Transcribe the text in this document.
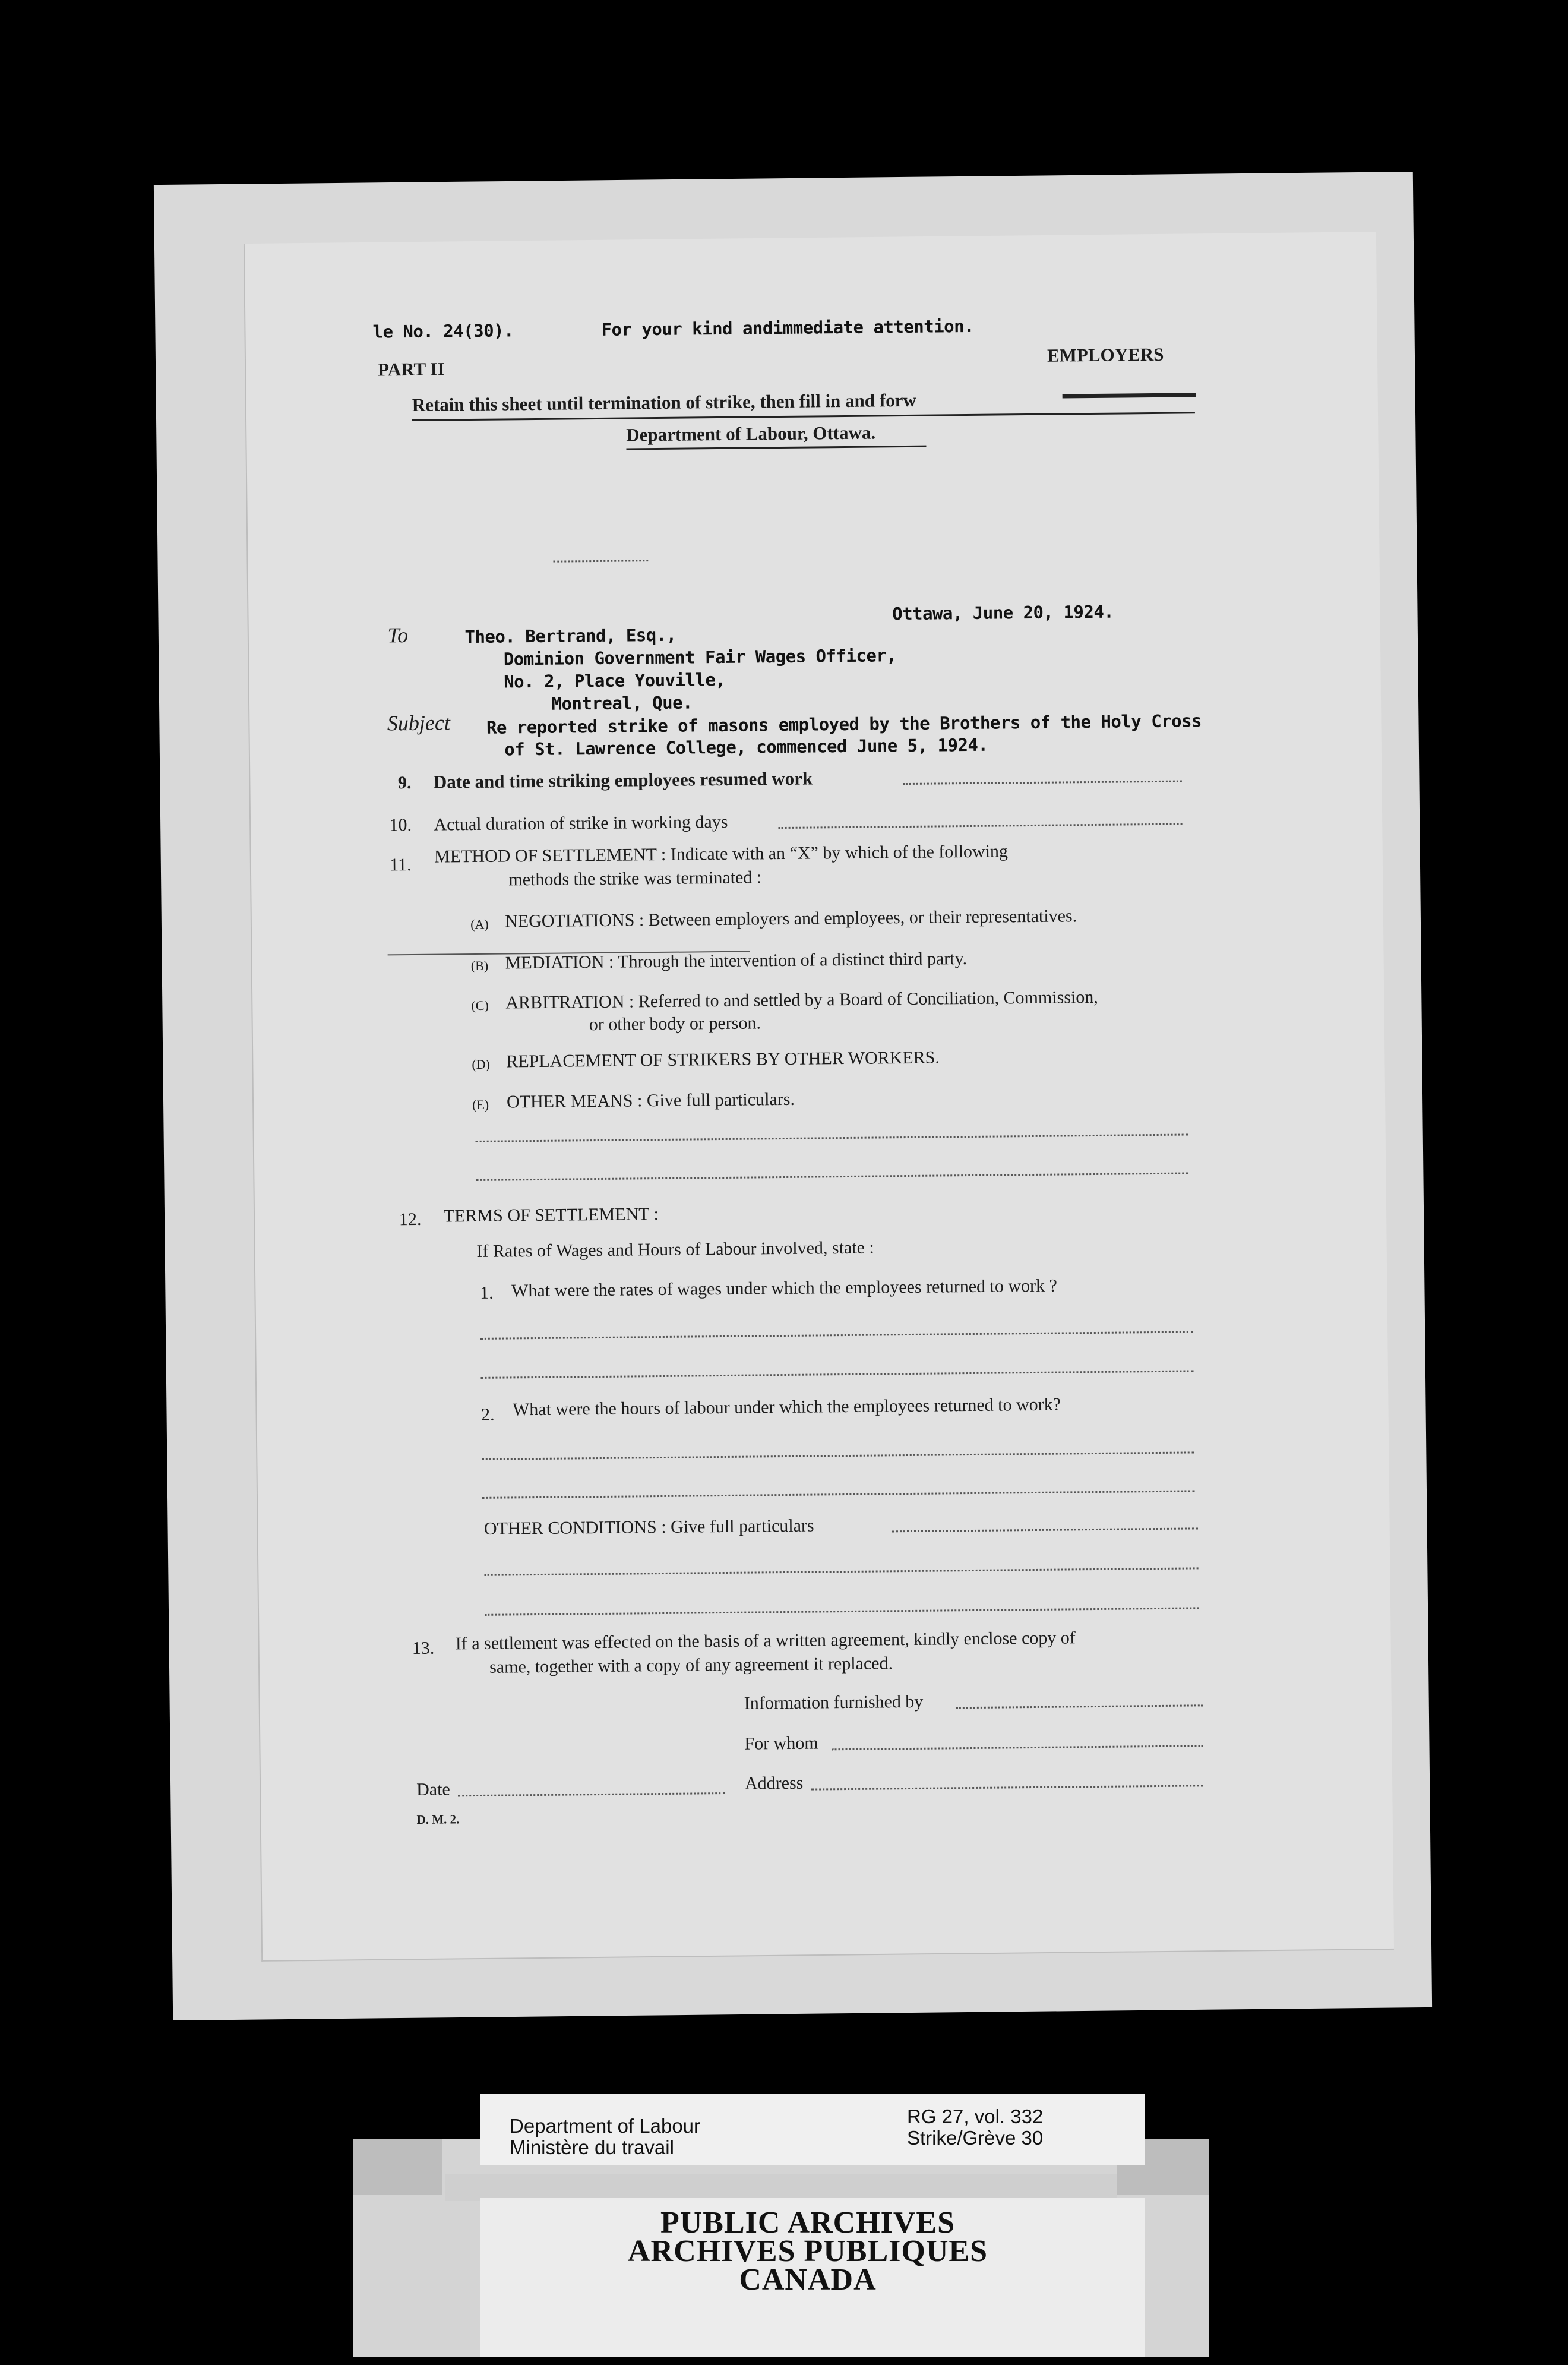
le No. 24(30).	For your kind andimmediate attention.
PART II
EMPLOYERS
Retain this sheet until termination of strike, then fill in and forw
Department of Labour, Ottawa.
Ottawa, June 20, 1924.
To	Theo. Bertrand, Esq.,
Dominion Government Fair Wages Officer,
No. 2, Place Youville,
Montreal, Que.
Subject Re reported strike of masons employed by the Brothers of the Holy Cross
of St. Lawrence College, commenced June 5, 1924.
9. Date and time striking employees resumed work
10. Actual duration of strike in working days
11. METHOD OF SETTLEMENT : Indicate with an “X” by which of the following
methods the strike was terminated :
(A) NEGOTIATIONS : Between employers and employees, or their representatives.
(B) MEDIATION : Through the intervention of a distinct third party.
(C) ARBITRATION : Referred to and settled by a Board of Conciliation, Commission,
or other body or person.
(D) REPLACEMENT OF STRIKERS BY OTHER WORKERS.
(E) OTHER MEANS : Give full particulars.
12. TERMS OF SETTLEMENT :
If Rates of Wages and Hours of Labour involved, state :
1. What were the rates of wages under which the employees returned to work ?
2. What were the hours of labour under which the employees returned to work?
OTHER CONDITIONS : Give full particulars
13. If a settlement was effected on the basis of a written agreement, kindly enclose copy of
same, together with a copy of any agreement it replaced.
Information furnished by
For whom
Date	Address
D. M. 2.
Department of Labour
Ministère du travail
RG 27, vol. 332
Strike/Grève 30
PUBLIC ARCHIVES
ARCHIVES PUBLIQUES
CANADA
